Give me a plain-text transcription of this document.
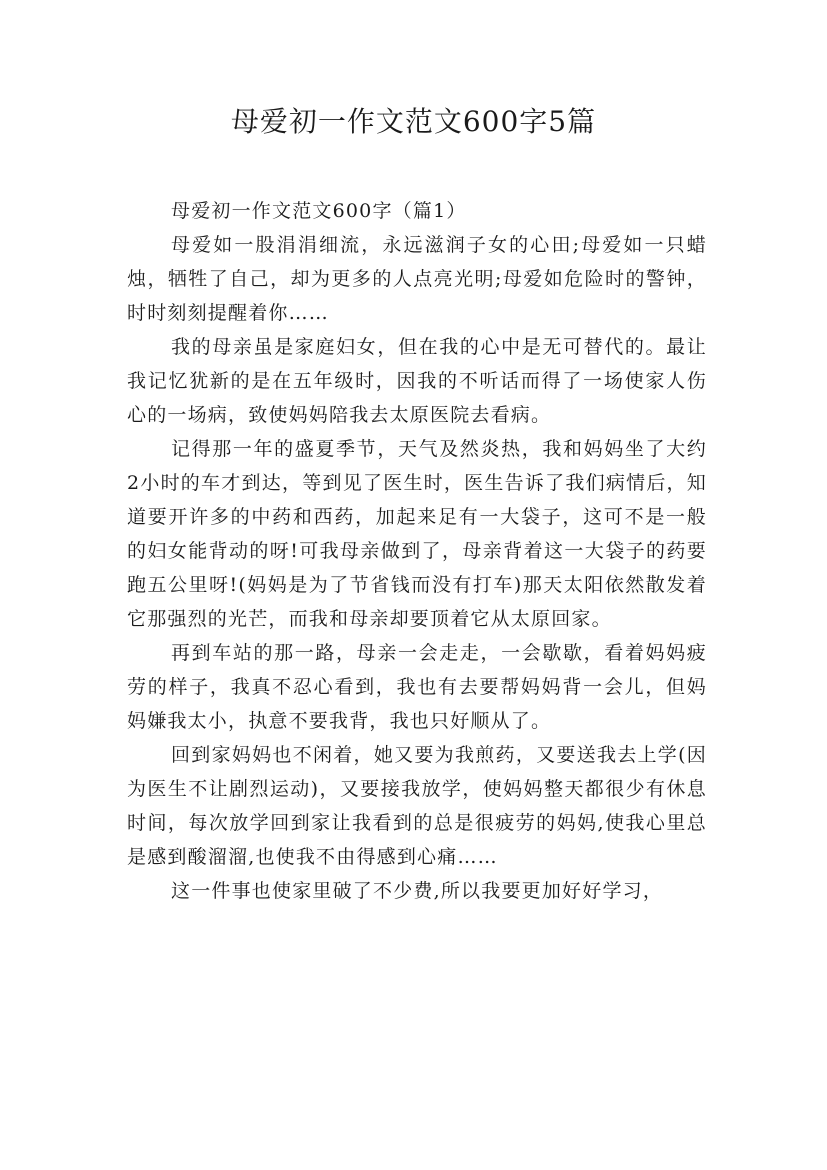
母爱初一作文范文600字5篇
母爱初一作文范文600字（篇1）

母爱如一股涓涓细流，永远滋润子女的心田;母爱如一只蜡烛，牺牲了自己，却为更多的人点亮光明;母爱如危险时的警钟，时时刻刻提醒着你……

我的母亲虽是家庭妇女，但在我的心中是无可替代的。最让我记忆犹新的是在五年级时，因我的不听话而得了一场使家人伤心的一场病，致使妈妈陪我去太原医院去看病。

记得那一年的盛夏季节，天气及然炎热，我和妈妈坐了大约2小时的车才到达，等到见了医生时，医生告诉了我们病情后，知道要开许多的中药和西药，加起来足有一大袋子，这可不是一般的妇女能背动的呀!可我母亲做到了，母亲背着这一大袋子的药要跑五公里呀!(妈妈是为了节省钱而没有打车)那天太阳依然散发着它那强烈的光芒，而我和母亲却要顶着它从太原回家。

再到车站的那一路，母亲一会走走，一会歇歇，看着妈妈疲劳的样子，我真不忍心看到，我也有去要帮妈妈背一会儿，但妈妈嫌我太小，执意不要我背，我也只好顺从了。

回到家妈妈也不闲着，她又要为我煎药，又要送我去上学(因为医生不让剧烈运动)，又要接我放学，使妈妈整天都很少有休息时间，每次放学回到家让我看到的总是很疲劳的妈妈,使我心里总是感到酸溜溜,也使我不由得感到心痛……

这一件事也使家里破了不少费,所以我要更加好好学习，
